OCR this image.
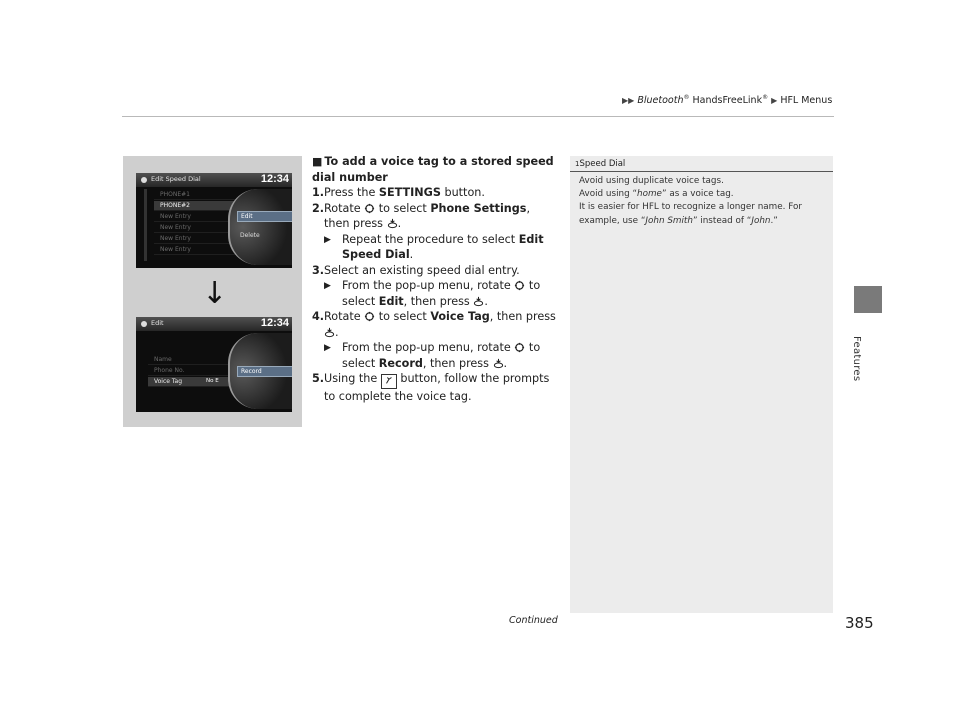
▶▶ Bluetooth® HandsFreeLink® ▶ HFL Menus
Features
Edit Speed Dial	12:34
PHONE#1
PHONE#2
New Entry
New Entry
New Entry
New Entry
Edit
Delete
↓
Edit	12:34
Name
Phone No.
Voice Tag	No E
Record
■ To add a voice tag to a stored speed dial number
1. Press the SETTINGS button.
2. Rotate  to select Phone Settings, then press .
▶ Repeat the procedure to select Edit Speed Dial.
3. Select an existing speed dial entry.
▶ From the pop-up menu, rotate  to select Edit, then press .
4. Rotate  to select Voice Tag, then press .
▶ From the pop-up menu, rotate  to select Record, then press .
5. Using the  button, follow the prompts to complete the voice tag.
1Speed Dial
Avoid using duplicate voice tags.
Avoid using “home” as a voice tag.
It is easier for HFL to recognize a longer name. For example, use “John Smith” instead of “John.”
Continued	385
